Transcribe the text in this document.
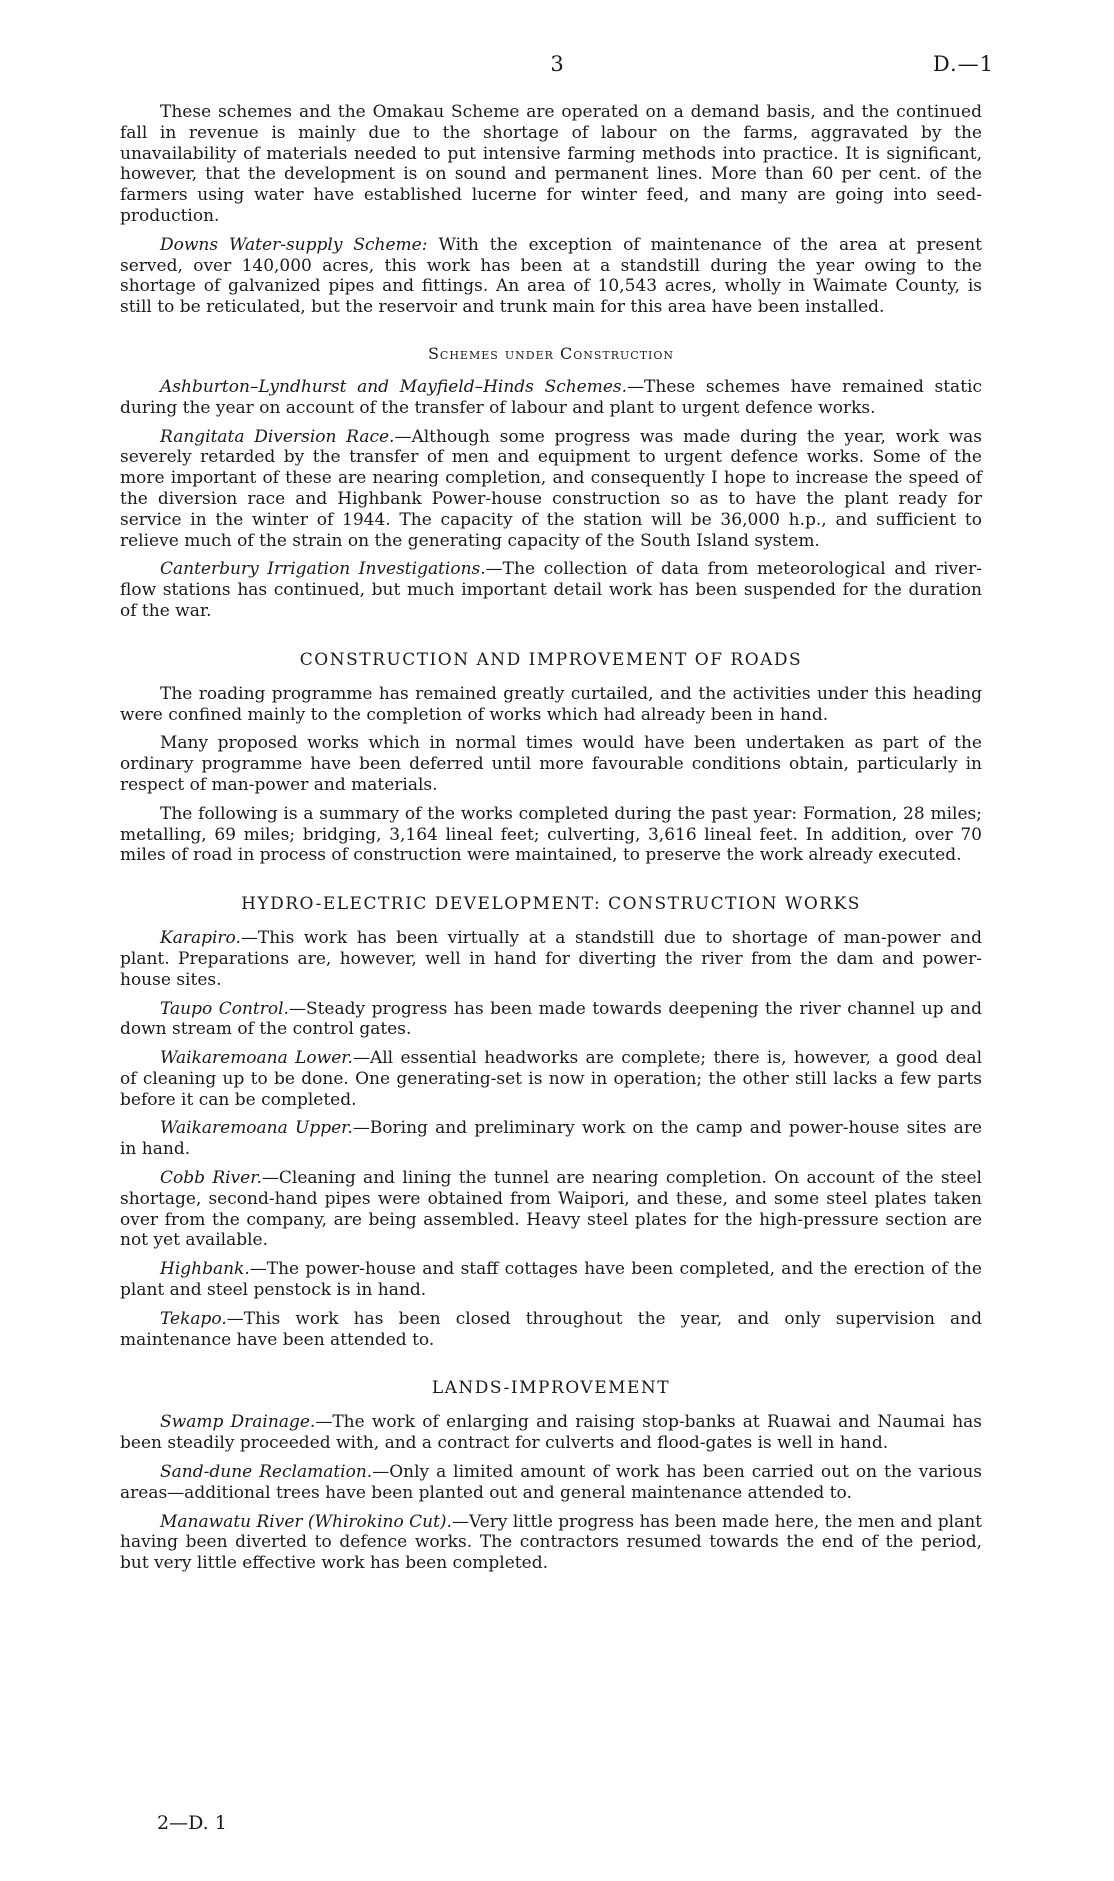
3	D.—1

These schemes and the Omakau Scheme are operated on a demand basis, and the continued fall in revenue is mainly due to the shortage of labour on the farms, aggravated by the unavailability of materials needed to put intensive farming methods into practice. It is significant, however, that the development is on sound and permanent lines. More than 60 per cent. of the farmers using water have established lucerne for winter feed, and many are going into seed-production.

Downs Water-supply Scheme: With the exception of maintenance of the area at present served, over 140,000 acres, this work has been at a standstill during the year owing to the shortage of galvanized pipes and fittings. An area of 10,543 acres, wholly in Waimate County, is still to be reticulated, but the reservoir and trunk main for this area have been installed.

Schemes under Construction

Ashburton–Lyndhurst and Mayfield–Hinds Schemes.—These schemes have remained static during the year on account of the transfer of labour and plant to urgent defence works.

Rangitata Diversion Race.—Although some progress was made during the year, work was severely retarded by the transfer of men and equipment to urgent defence works. Some of the more important of these are nearing completion, and consequently I hope to increase the speed of the diversion race and Highbank Power-house construction so as to have the plant ready for service in the winter of 1944. The capacity of the station will be 36,000 h.p., and sufficient to relieve much of the strain on the generating capacity of the South Island system.

Canterbury Irrigation Investigations.—The collection of data from meteorological and river-flow stations has continued, but much important detail work has been suspended for the duration of the war.

CONSTRUCTION AND IMPROVEMENT OF ROADS

The roading programme has remained greatly curtailed, and the activities under this heading were confined mainly to the completion of works which had already been in hand.

Many proposed works which in normal times would have been undertaken as part of the ordinary programme have been deferred until more favourable conditions obtain, particularly in respect of man-power and materials.

The following is a summary of the works completed during the past year: Formation, 28 miles; metalling, 69 miles; bridging, 3,164 lineal feet; culverting, 3,616 lineal feet. In addition, over 70 miles of road in process of construction were maintained, to preserve the work already executed.

HYDRO-ELECTRIC DEVELOPMENT: CONSTRUCTION WORKS

Karapiro.—This work has been virtually at a standstill due to shortage of man-power and plant. Preparations are, however, well in hand for diverting the river from the dam and power-house sites.

Taupo Control.—Steady progress has been made towards deepening the river channel up and down stream of the control gates.

Waikaremoana Lower.—All essential headworks are complete; there is, however, a good deal of cleaning up to be done. One generating-set is now in operation; the other still lacks a few parts before it can be completed.

Waikaremoana Upper.—Boring and preliminary work on the camp and power-house sites are in hand.

Cobb River.—Cleaning and lining the tunnel are nearing completion. On account of the steel shortage, second-hand pipes were obtained from Waipori, and these, and some steel plates taken over from the company, are being assembled. Heavy steel plates for the high-pressure section are not yet available.

Highbank.—The power-house and staff cottages have been completed, and the erection of the plant and steel penstock is in hand.

Tekapo.—This work has been closed throughout the year, and only supervision and maintenance have been attended to.

LANDS-IMPROVEMENT

Swamp Drainage.—The work of enlarging and raising stop-banks at Ruawai and Naumai has been steadily proceeded with, and a contract for culverts and flood-gates is well in hand.

Sand-dune Reclamation.—Only a limited amount of work has been carried out on the various areas—additional trees have been planted out and general maintenance attended to.

Manawatu River (Whirokino Cut).—Very little progress has been made here, the men and plant having been diverted to defence works. The contractors resumed towards the end of the period, but very little effective work has been completed.

2—D. 1
